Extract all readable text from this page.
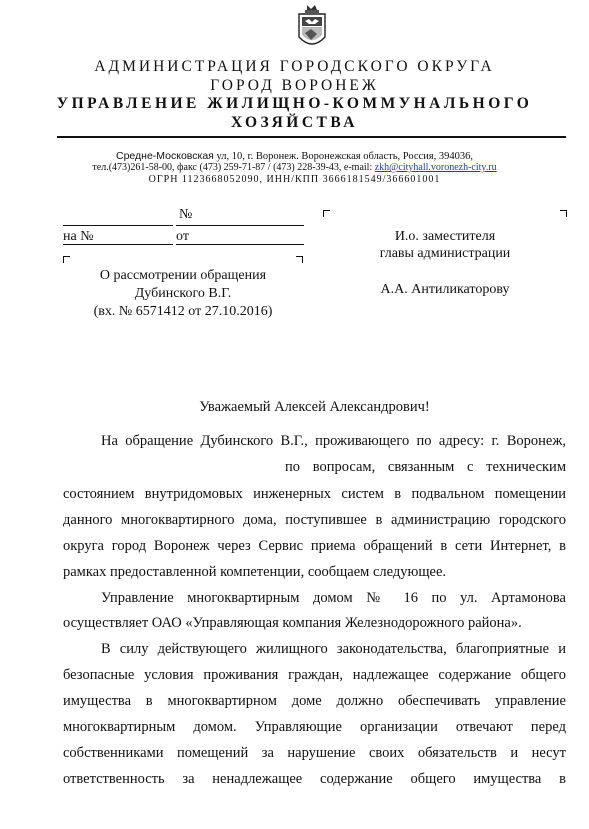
АДМИНИСТРАЦИЯ ГОРОДСКОГО ОКРУГА
ГОРОД ВОРОНЕЖ
УПРАВЛЕНИЕ ЖИЛИЩНО-КОММУНАЛЬНОГО
ХОЗЯЙСТВА
Средне-Московская ул, 10, г. Воронеж. Воронежская область, Россия, 394036,
тел.(473)261-58-00, факс (473) 259-71-87 / (473) 228-39-43, e-mail: zkh@cityhall.voronezh-city.ru
ОГРН 1123668052090, ИНН/КПП 3666181549/366601001
№
на №	от
О рассмотрении обращения
Дубинского В.Г.
(вх. № 6571412 от 27.10.2016)
И.о. заместителя
главы администрации
А.А. Антиликаторову
Уважаемый Алексей Александрович!
На обращение Дубинского В.Г., проживающего по адресу: г. Воронеж,
по вопросам, связанным с техническим
состоянием внутридомовых инженерных систем в подвальном помещении
данного многоквартирного дома, поступившее в администрацию городского
округа город Воронеж через Сервис приема обращений в сети Интернет, в
рамках предоставленной компетенции, сообщаем следующее.
Управление многоквартирным домом № 16 по ул. Артамонова
осуществляет ОАО «Управляющая компания Железнодорожного района».
В силу действующего жилищного законодательства, благоприятные и
безопасные условия проживания граждан, надлежащее содержание общего
имущества в многоквартирном доме должно обеспечивать управление
многоквартирным домом. Управляющие организации отвечают перед
собственниками помещений за нарушение своих обязательств и несут
ответственность за ненадлежащее содержание общего имущества в
